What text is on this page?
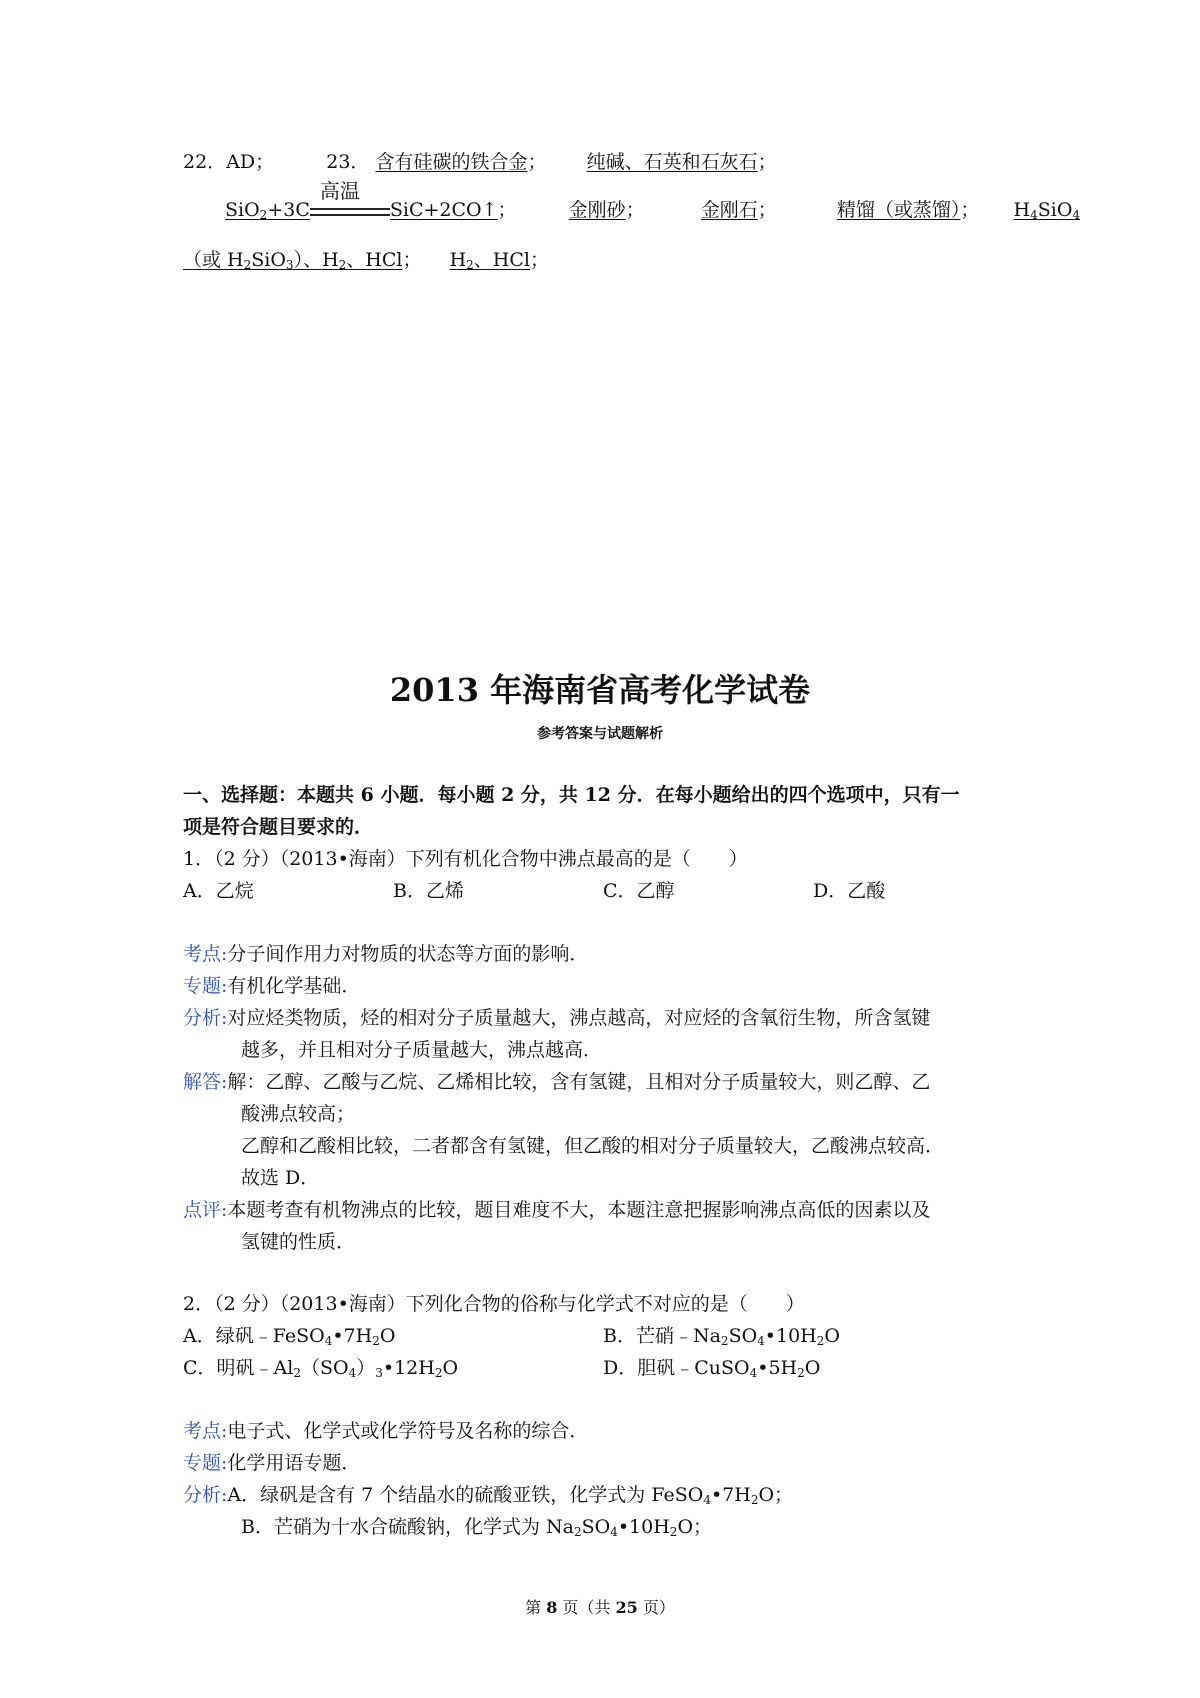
22．AD；	23． 含有硅碳的铁合金； 纯碱、石英和石灰石；
SiO$_2$+3C
高温
SiC+2CO↑；	金刚砂；	金刚石；	精馏（或蒸馏）； $H_4SiO_4$
（或 $H_2SiO_3$）、$H_2$、HCl； $H_2$、HCl；
2013 年海南省高考化学试卷
参考答案与试题解析
一、选择题：本题共 6 小题．每小题 2 分，共 12 分．在每小题给出的四个选项中，只有一
项是符合题目要求的．
1．（2 分）（2013•海南）下列有机化合物中沸点最高的是（　　）
A．乙烷	B．乙烯	C．乙醇	D．乙酸
考点:分子间作用力对物质的状态等方面的影响．
专题:有机化学基础．
分析:对应烃类物质，烃的相对分子质量越大，沸点越高，对应烃的含氧衍生物，所含氢键
越多，并且相对分子质量越大，沸点越高．
解答:解：乙醇、乙酸与乙烷、乙烯相比较，含有氢键，且相对分子质量较大，则乙醇、乙
酸沸点较高；
乙醇和乙酸相比较，二者都含有氢键，但乙酸的相对分子质量较大，乙酸沸点较高．
故选 D．
点评:本题考查有机物沸点的比较，题目难度不大，本题注意把握影响沸点高低的因素以及
氢键的性质．
2．（2 分）（2013•海南）下列化合物的俗称与化学式不对应的是（　　）
A．绿矾$﹣FeSO_4•7H_2O$	B．芒硝$﹣Na_2SO_4•10H_2O$
C．明矾$﹣Al_2(SO_4)_3•12H_2O$	D．胆矾$﹣CuSO_4•5H_2O$
考点:电子式、化学式或化学符号及名称的综合．
专题:化学用语专题．
分析:A．绿矾是含有 7 个结晶水的硫酸亚铁，化学式为 $FeSO_4•7H_2O$；
B．芒硝为十水合硫酸钠，化学式为 $Na_2SO_4•10H_2O$；
第 8 页（共 25 页）
